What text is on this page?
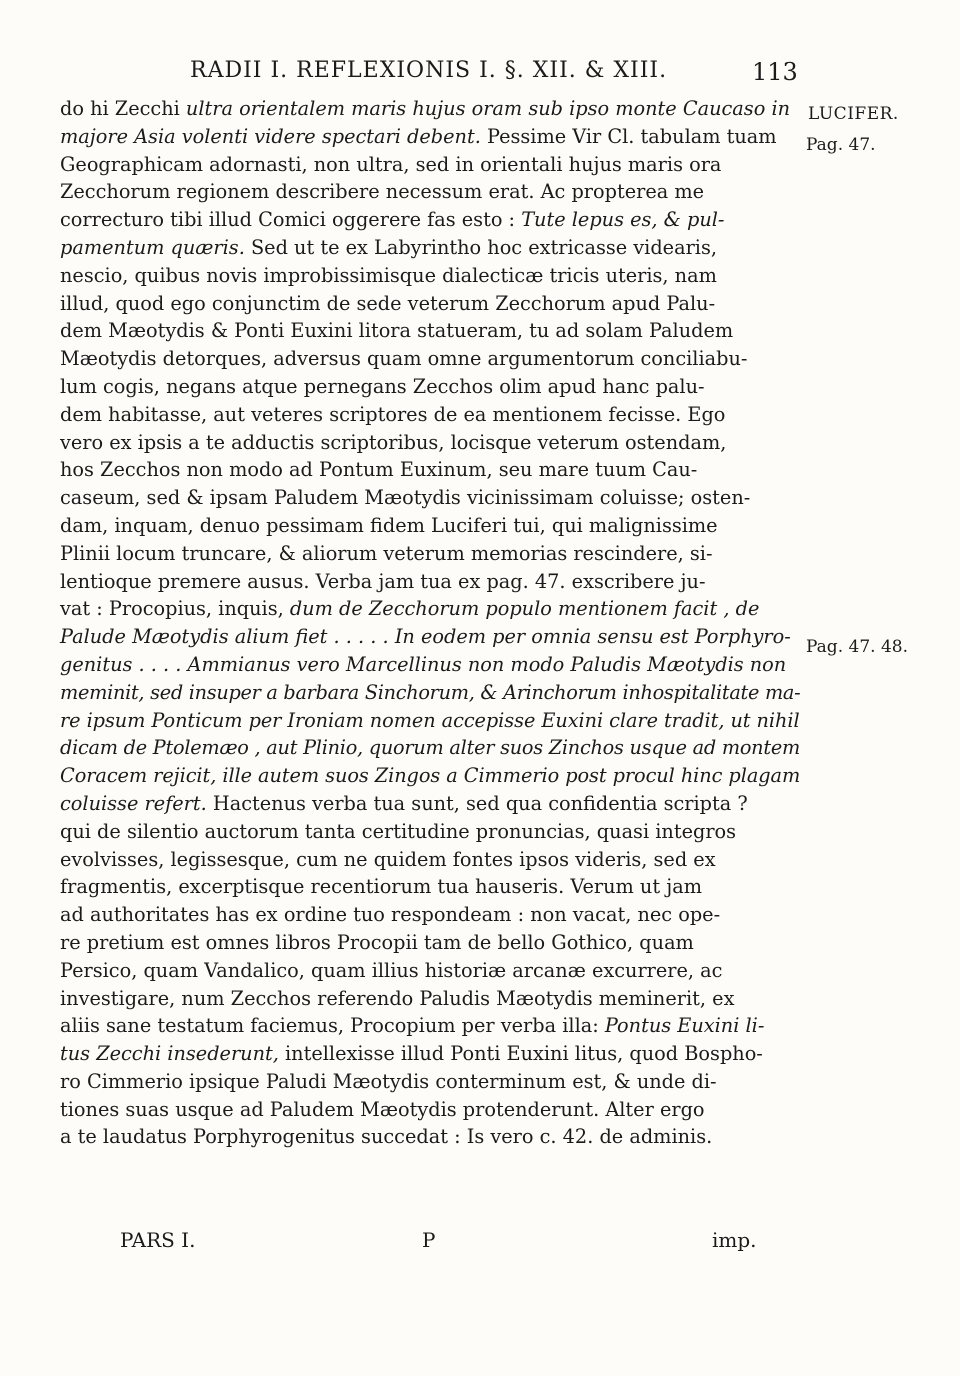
RADII I. REFLEXIONIS I. §. XII. & XIII.	113
do hi Zecchi ultra orientalem maris hujus oram sub ipso monte Caucaso in
majore Asia volenti videre spectari debent. Pessime Vir Cl. tabulam tuam
Geographicam adornasti, non ultra, sed in orientali hujus maris ora
Zecchorum regionem describere necessum erat. Ac propterea me
correcturo tibi illud Comici oggerere fas esto : Tute lepus es, & pul-
pamentum quæris. Sed ut te ex Labyrintho hoc extricasse videaris,
nescio, quibus novis improbissimisque dialecticæ tricis uteris, nam
illud, quod ego conjunctim de sede veterum Zecchorum apud Palu-
dem Mæotydis & Ponti Euxini litora statueram, tu ad solam Paludem
Mæotydis detorques, adversus quam omne argumentorum conciliabu-
lum cogis, negans atque pernegans Zecchos olim apud hanc palu-
dem habitasse, aut veteres scriptores de ea mentionem fecisse. Ego
vero ex ipsis a te adductis scriptoribus, locisque veterum ostendam,
hos Zecchos non modo ad Pontum Euxinum, seu mare tuum Cau-
caseum, sed & ipsam Paludem Mæotydis vicinissimam coluisse; osten-
dam, inquam, denuo pessimam fidem Luciferi tui, qui malignissime
Plinii locum truncare, & aliorum veterum memorias rescindere, si-
lentioque premere ausus. Verba jam tua ex pag. 47. exscribere ju-
vat : Procopius, inquis, dum de Zecchorum populo mentionem facit , de
Palude Mæotydis alium fiet . . . . . In eodem per omnia sensu est Porphyro-
genitus . . . . Ammianus vero Marcellinus non modo Paludis Mæotydis non
meminit, sed insuper a barbara Sinchorum, & Arinchorum inhospitalitate ma-re ipsum Ponticum per Ironiam nomen accepisse Euxini clare tradit, ut nihildicam de Ptolemæo , aut Plinio, quorum alter suos Zinchos usque ad montem
Coracem rejicit, ille autem suos Zingos a Cimmerio post procul hinc plagam
coluisse refert. Hactenus verba tua sunt, sed qua confidentia scripta ?
qui de silentio auctorum tanta certitudine pronuncias, quasi integros
evolvisses, legissesque, cum ne quidem fontes ipsos videris, sed ex
fragmentis, excerptisque recentiorum tua hauseris. Verum ut jam
ad authoritates has ex ordine tuo respondeam : non vacat, nec ope-
re pretium est omnes libros Procopii tam de bello Gothico, quam
Persico, quam Vandalico, quam illius historiæ arcanæ excurrere, ac
investigare, num Zecchos referendo Paludis Mæotydis meminerit, ex
aliis sane testatum faciemus, Procopium per verba illa: Pontus Euxini li-
tus Zecchi insederunt, intellexisse illud Ponti Euxini litus, quod Bospho-
ro Cimmerio ipsique Paludi Mæotydis conterminum est, & unde di-
tiones suas usque ad Paludem Mæotydis protenderunt. Alter ergo
a te laudatus Porphyrogenitus succedat : Is vero c. 42. de adminis.
LUCIFER.
Pag. 47.
Pag. 47. 48.
PARS I.	P	imp.
